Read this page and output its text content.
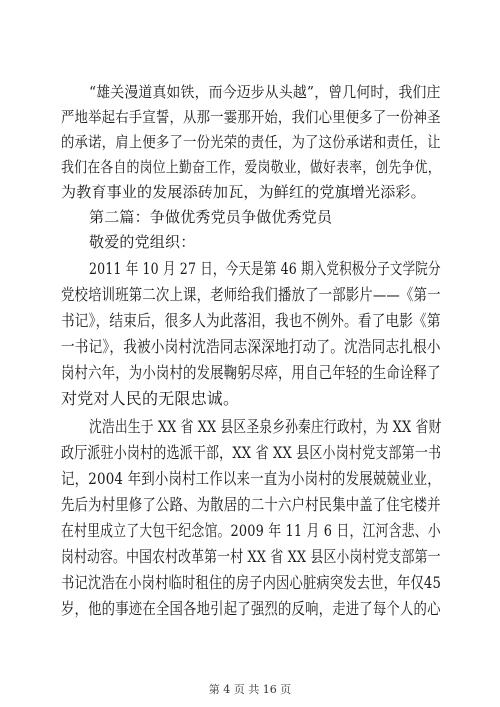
“雄关漫道真如铁，而今迈步从头越”，曾几何时，我们庄
严地举起右手宣誓，从那一霎那开始，我们心里便多了一份神圣
的承诺，肩上便多了一份光荣的责任，为了这份承诺和责任，让
我们在各自的岗位上勤奋工作，爱岗敬业，做好表率，创先争优，
为教育事业的发展添砖加瓦，为鲜红的党旗增光添彩。
第二篇：争做优秀党员争做优秀党员
敬爱的党组织：
2011 年 10 月 27 日，今天是第 46 期入党积极分子文学院分
党校培训班第二次上课，老师给我们播放了一部影片——《第一
书记》，结束后，很多人为此落泪，我也不例外。看了电影《第
一书记》，我被小岗村沈浩同志深深地打动了。沈浩同志扎根小
岗村六年，为小岗村的发展鞠躬尽瘁，用自己年轻的生命诠释了
对党对人民的无限忠诚。
沈浩出生于 XX 省 XX 县区圣泉乡孙秦庄行政村，为 XX 省财
政厅派驻小岗村的选派干部，XX 省 XX 县区小岗村党支部第一书
记，2004 年到小岗村工作以来一直为小岗村的发展兢兢业业，
先后为村里修了公路、为散居的二十六户村民集中盖了住宅楼并
在村里成立了大包干纪念馆。2009 年 11 月 6 日，江河含悲、小
岗村动容。中国农村改革第一村 XX 省 XX 县区小岗村党支部第一
书记沈浩在小岗村临时租住的房子内因心脏病突发去世，年仅45
岁，他的事迹在全国各地引起了强烈的反响，走进了每个人的心
第 4 页 共 16 页
